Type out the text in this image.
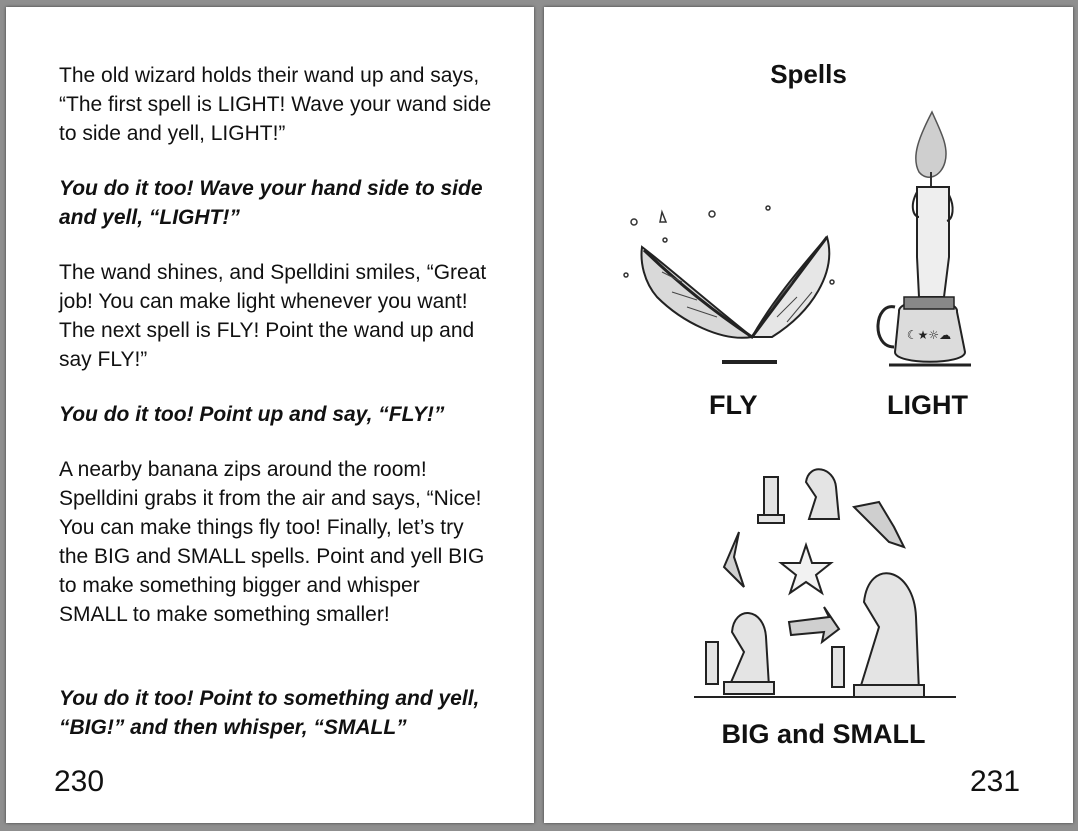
The old wizard holds their wand up and says, “The first spell is LIGHT! Wave your wand side to side and yell, LIGHT!”

You do it too! Wave your hand side to side and yell, “LIGHT!”

The wand shines, and Spelldini smiles, “Great job! You can make light whenever you want! The next spell is FLY! Point the wand up and say FLY!”

You do it too! Point up and say, “FLY!”

A nearby banana zips around the room! Spelldini grabs it from the air and says, “Nice! You can make things fly too! Finally, let’s try the BIG and SMALL spells. Point and yell BIG to make something bigger and whisper SMALL to make something smaller!

You do it too! Point to something and yell, “BIG!” and then whisper, “SMALL”

230
Spells
☾★☼☁
FLY	LIGHT
BIG and SMALL
231
